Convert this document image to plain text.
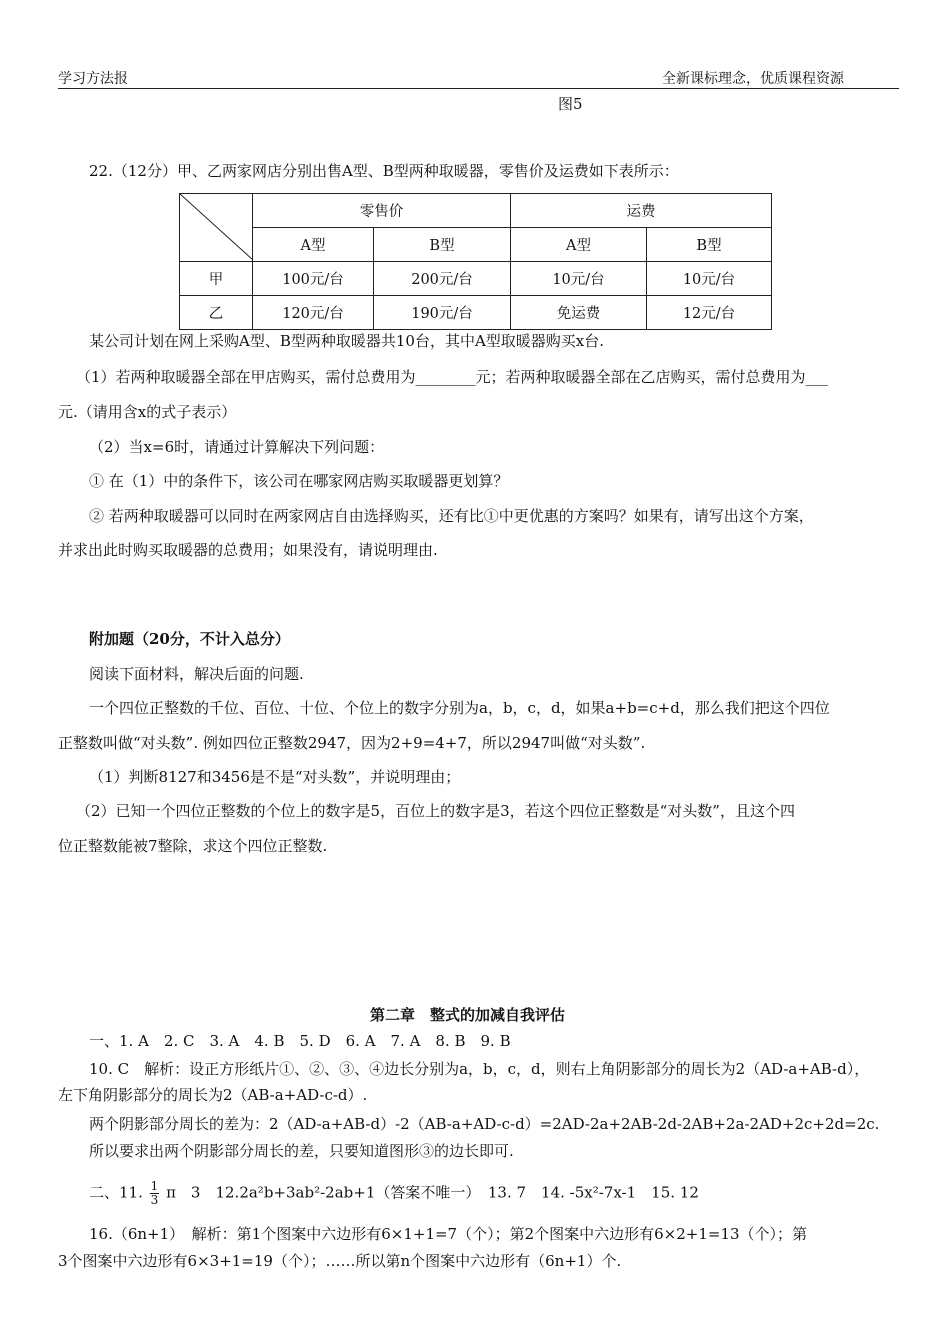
学习方法报	全新课标理念，优质课程资源
图5
22.（12分）甲、乙两家网店分别出售A型、B型两种取暖器，零售价及运费如下表所示：
	零售价		运费	
	A型	B型	A型	B型
甲	100元/台	200元/台	10元/台	10元/台
乙	120元/台	190元/台	免运费	12元/台
某公司计划在网上采购A型、B型两种取暖器共10台，其中A型取暖器购买x台.
（1）若两种取暖器全部在甲店购买，需付总费用为________元；若两种取暖器全部在乙店购买，需付总费用为___
元.（请用含x的式子表示）
（2）当x=6时，请通过计算解决下列问题：
① 在（1）中的条件下，该公司在哪家网店购买取暖器更划算？
② 若两种取暖器可以同时在两家网店自由选择购买，还有比①中更优惠的方案吗？如果有，请写出这个方案，
并求出此时购买取暖器的总费用；如果没有，请说明理由.
附加题（20分，不计入总分）
阅读下面材料，解决后面的问题.
一个四位正整数的千位、百位、十位、个位上的数字分别为a，b，c，d，如果a+b=c+d，那么我们把这个四位
正整数叫做“对头数”. 例如四位正整数2947，因为2+9=4+7，所以2947叫做“对头数”.
（1）判断8127和3456是不是“对头数”，并说明理由；
（2）已知一个四位正整数的个位上的数字是5，百位上的数字是3，若这个四位正整数是“对头数”，且这个四
位正整数能被7整除，求这个四位正整数.
第二章　整式的加减自我评估
一、1. A　2. C　3. A　4. B　5. D　6. A　7. A　8. B　9. B
10. C　解析：设正方形纸片①、②、③、④边长分别为a，b，c，d，则右上角阴影部分的周长为2（AD-a+AB-d），
左下角阴影部分的周长为2（AB-a+AD-c-d）.
两个阴影部分周长的差为：2（AD-a+AB-d）-2（AB-a+AD-c-d）=2AD-2a+2AB-2d-2AB+2a-2AD+2c+2d=2c.
所以要求出两个阴影部分周长的差，只要知道图形③的边长即可.
二、11. $\frac{1}{3}$ π　3　12.2a²b+3ab²-2ab+1（答案不唯一）　13. 7　14. -5x²-7x-1　15. 12
16.（6n+1）　解析：第1个图案中六边形有6×1+1=7（个）；第2个图案中六边形有6×2+1=13（个）；第
3个图案中六边形有6×3+1=19（个）；……所以第n个图案中六边形有（6n+1）个.
